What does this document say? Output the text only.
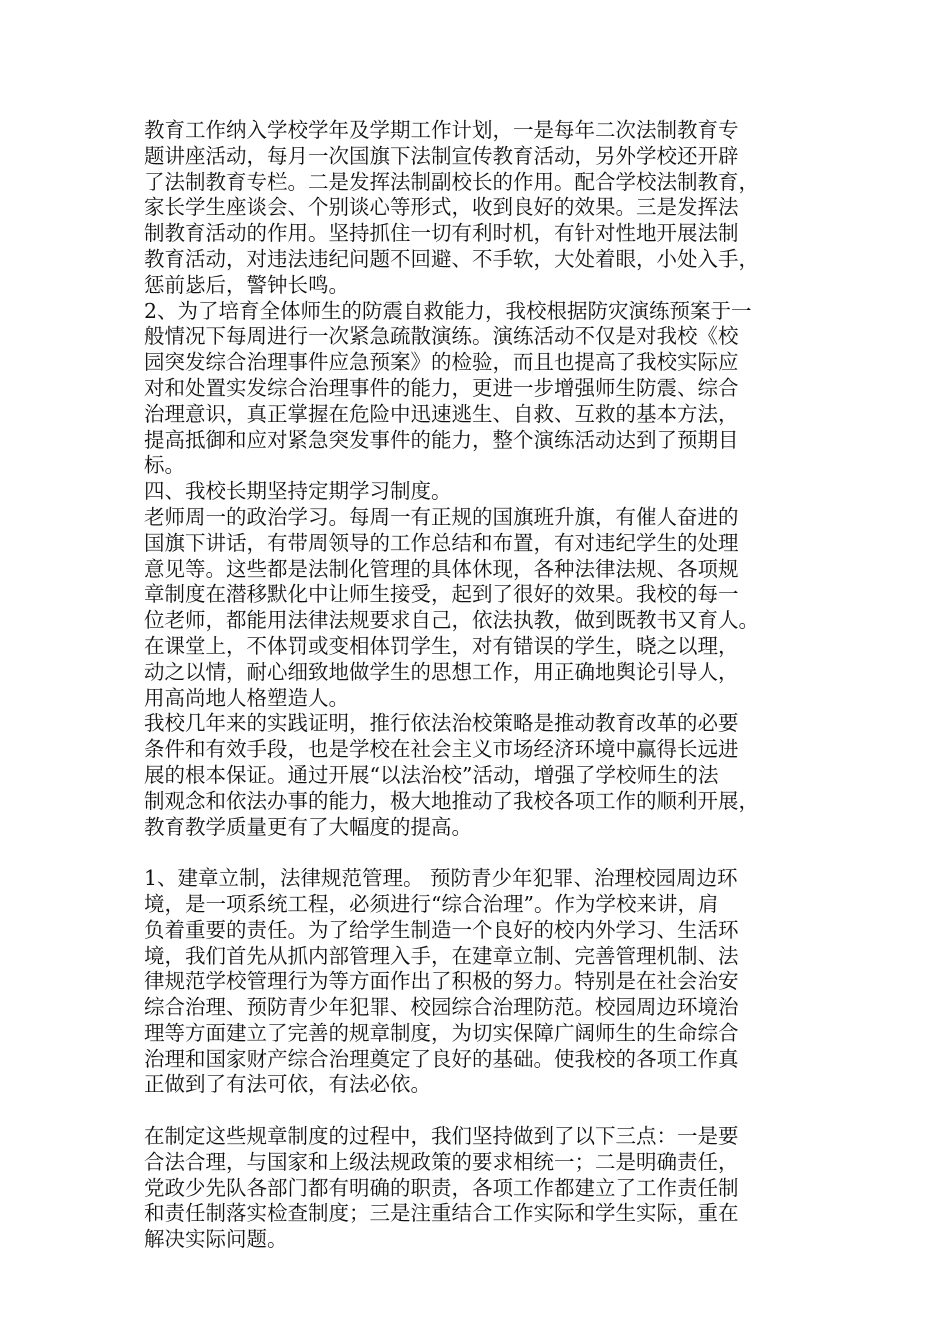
教育工作纳入学校学年及学期工作计划，一是每年二次法制教育专
题讲座活动，每月一次国旗下法制宣传教育活动，另外学校还开辟
了法制教育专栏。二是发挥法制副校长的作用。配合学校法制教育，
家长学生座谈会、个别谈心等形式，收到良好的效果。三是发挥法
制教育活动的作用。坚持抓住一切有利时机，有针对性地开展法制
教育活动，对违法违纪问题不回避、不手软，大处着眼，小处入手，
惩前毖后，警钟长鸣。
2、为了培育全体师生的防震自救能力，我校根据防灾演练预案于一
般情况下每周进行一次紧急疏散演练。演练活动不仅是对我校《校
园突发综合治理事件应急预案》的检验，而且也提高了我校实际应
对和处置实发综合治理事件的能力，更进一步增强师生防震、综合
治理意识，真正掌握在危险中迅速逃生、自救、互救的基本方法，
提高抵御和应对紧急突发事件的能力，整个演练活动达到了预期目
标。
四、我校长期坚持定期学习制度。
老师周一的政治学习。每周一有正规的国旗班升旗，有催人奋进的
国旗下讲话，有带周领导的工作总结和布置，有对违纪学生的处理
意见等。这些都是法制化管理的具体休现，各种法律法规、各项规
章制度在潜移默化中让师生接受，起到了很好的效果。我校的每一
位老师，都能用法律法规要求自己，依法执教，做到既教书又育人。
在课堂上，不体罚或变相体罚学生，对有错误的学生，晓之以理，
动之以情，耐心细致地做学生的思想工作，用正确地舆论引导人，
用高尚地人格塑造人。
我校几年来的实践证明，推行依法治校策略是推动教育改革的必要
条件和有效手段，也是学校在社会主义市场经济环境中赢得长远进
展的根本保证。通过开展“以法治校”活动，增强了学校师生的法
制观念和依法办事的能力，极大地推动了我校各项工作的顺利开展，
教育教学质量更有了大幅度的提高。
1、建章立制，法律规范管理。 预防青少年犯罪、治理校园周边环
境，是一项系统工程，必须进行“综合治理”。作为学校来讲，肩
负着重要的责任。为了给学生制造一个良好的校内外学习、生活环
境，我们首先从抓内部管理入手，在建章立制、完善管理机制、法
律规范学校管理行为等方面作出了积极的努力。特别是在社会治安
综合治理、预防青少年犯罪、校园综合治理防范。校园周边环境治
理等方面建立了完善的规章制度，为切实保障广阔师生的生命综合
治理和国家财产综合治理奠定了良好的基础。使我校的各项工作真
正做到了有法可依，有法必依。
在制定这些规章制度的过程中，我们坚持做到了以下三点：一是要
合法合理，与国家和上级法规政策的要求相统一；二是明确责任，
党政少先队各部门都有明确的职责，各项工作都建立了工作责任制
和责任制落实检查制度；三是注重结合工作实际和学生实际，重在
解决实际问题。
